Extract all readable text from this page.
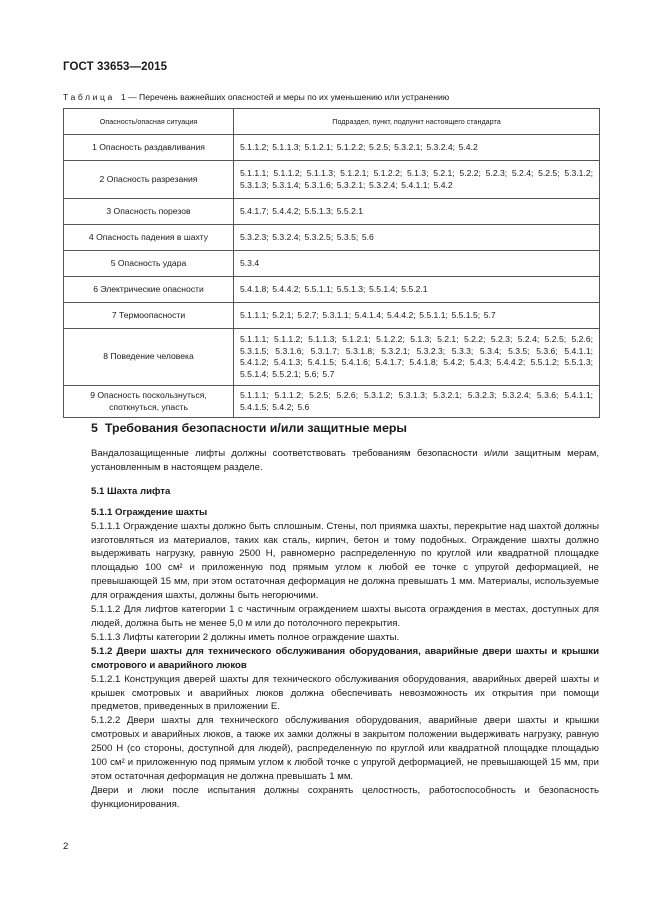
ГОСТ 33653—2015
Таблица 1 — Перечень важнейших опасностей и меры по их уменьшению или устранению
Опасность/опасная ситуация	Подраздел, пункт, подпункт настоящего стандарта
1 Опасность раздавливания	5.1.1.2; 5.1.1.3; 5.1.2.1; 5.1.2.2; 5.2.5; 5.3.2.1; 5.3.2.4; 5.4.2
2 Опасность разрезания	5.1.1.1; 5.1.1.2; 5.1.1.3; 5.1.2.1; 5.1.2.2; 5.1.3; 5.2.1; 5.2.2; 5.2.3; 5.2.4; 5.2.5; 5.3.1.2; 5.3.1.3; 5.3.1.4; 5.3.1.6; 5.3.2.1; 5.3.2.4; 5.4.1.1; 5.4.2
3 Опасность порезов	5.4.1.7; 5.4.4.2; 5.5.1.3; 5.5.2.1
4 Опасность падения в шахту	5.3.2.3; 5.3.2.4; 5.3.2.5; 5.3.5; 5.6
5 Опасность удара	5.3.4
6 Электрические опасности	5.4.1.8; 5.4.4.2; 5.5.1.1; 5.5.1.3; 5.5.1.4; 5.5.2.1
7 Термоопасности	5.1.1.1; 5.2.1; 5.2.7; 5.3.1.1; 5.4.1.4; 5.4.4.2; 5.5.1.1; 5.5.1.5; 5.7
8 Поведение человека	5.1.1.1; 5.1.1.2; 5.1.1.3; 5.1.2.1; 5.1.2.2; 5.1.3; 5.2.1; 5.2.2; 5.2.3; 5.2.4; 5.2.5; 5.2.6; 5.3.1.5; 5.3.1.6; 5.3.1.7; 5.3.1.8; 5.3.2.1; 5.3.2.3; 5.3.3; 5.3.4; 5.3.5; 5.3.6; 5.4.1.1; 5.4.1.2; 5.4.1.3; 5.4.1.5; 5.4.1.6; 5.4.1.7; 5.4.1.8; 5.4.2; 5.4.3; 5.4.4.2; 5.5.1.2; 5.5.1.3; 5.5.1.4; 5.5.2.1; 5.6; 5.7
9 Опасность поскользнуться, споткнуться, упасть	5.1.1.1; 5.1.1.2; 5.2.5; 5.2.6; 5.3.1.2; 5.3.1.3; 5.3.2.1; 5.3.2.3; 5.3.2.4; 5.3.6; 5.4.1.1; 5.4.1.5; 5.4.2; 5.6
5 Требования безопасности и/или защитные меры

Вандалозащищенные лифты должны соответствовать требованиям безопасности и/или защитным мерам, установленным в настоящем разделе.

5.1 Шахта лифта

5.1.1 Ограждение шахты

5.1.1.1 Ограждение шахты должно быть сплошным. Стены, пол приямка шахты, перекрытие над шахтой должны изготовляться из материалов, таких как сталь, кирпич, бетон и тому подобных. Ограждение шахты должно выдерживать нагрузку, равную 2500 Н, равномерно распределенную по круглой или квадратной площадке площадью 100 см² и приложенную под прямым углом к любой ее точке с упругой деформацией, не превышающей 15 мм, при этом остаточная деформация не должна превышать 1 мм. Материалы, используемые для ограждения шахты, должны быть негорючими.

5.1.1.2 Для лифтов категории 1 с частичным ограждением шахты высота ограждения в местах, доступных для людей, должна быть не менее 5,0 м или до потолочного перекрытия.

5.1.1.3 Лифты категории 2 должны иметь полное ограждение шахты.

5.1.2 Двери шахты для технического обслуживания оборудования, аварийные двери шахты и крышки смотрового и аварийного люков

5.1.2.1 Конструкция дверей шахты для технического обслуживания оборудования, аварийных дверей шахты и крышек смотровых и аварийных люков должна обеспечивать невозможность их открытия при помощи предметов, приведенных в приложении Е.

5.1.2.2 Двери шахты для технического обслуживания оборудования, аварийные двери шахты и крышки смотровых и аварийных люков, а также их замки должны в закрытом положении выдерживать нагрузку, равную 2500 Н (со стороны, доступной для людей), распределенную по круглой или квадратной площадке площадью 100 см² и приложенную под прямым углом к любой точке с упругой деформацией, не превышающей 15 мм, при этом остаточная деформация не должна превышать 1 мм.

Двери и люки после испытания должны сохранять целостность, работоспособность и безопасность функционирования.

2
